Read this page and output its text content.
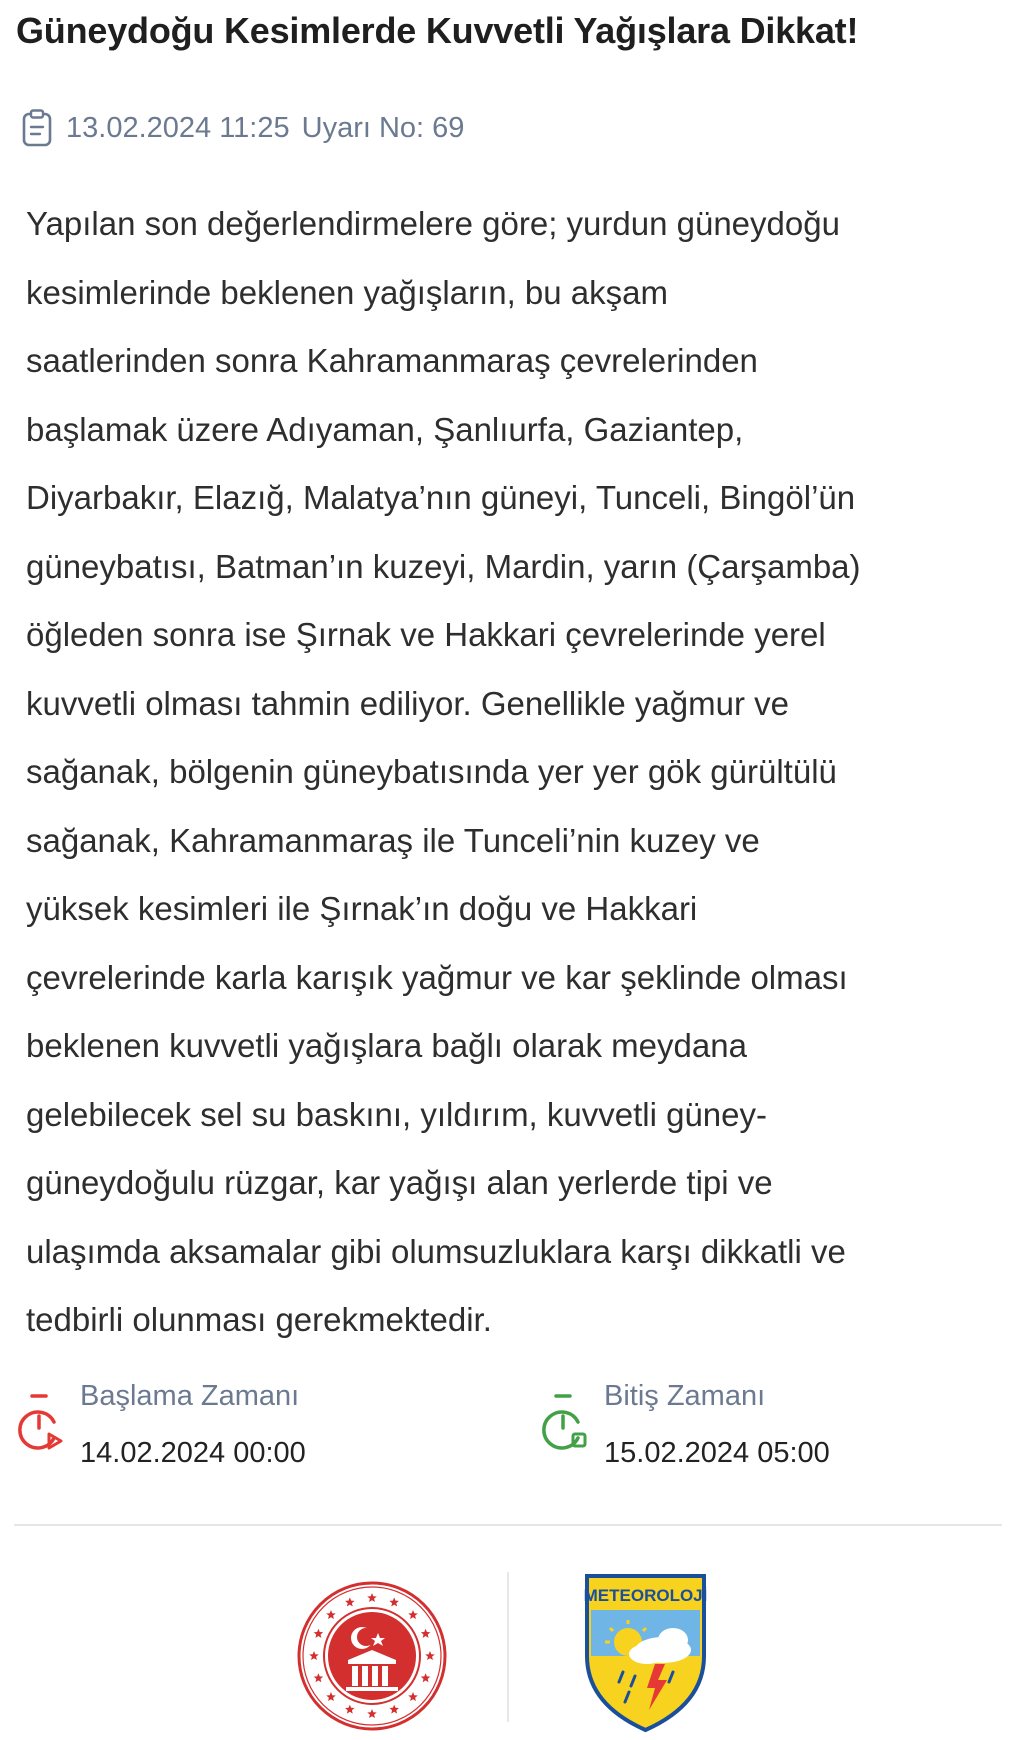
Güneydoğu Kesimlerde Kuvvetli Yağışlara Dikkat!
13.02.2024 11:25 Uyarı No: 69
Yapılan son değerlendirmelere göre; yurdun güneydoğu
kesimlerinde beklenen yağışların, bu akşam
saatlerinden sonra Kahramanmaraş çevrelerinden
başlamak üzere Adıyaman, Şanlıurfa, Gaziantep,
Diyarbakır, Elazığ, Malatya’nın güneyi, Tunceli, Bingöl’ün
güneybatısı, Batman’ın kuzeyi, Mardin, yarın (Çarşamba)
öğleden sonra ise Şırnak ve Hakkari çevrelerinde yerel
kuvvetli olması tahmin ediliyor. Genellikle yağmur ve
sağanak, bölgenin güneybatısında yer yer gök gürültülü
sağanak, Kahramanmaraş ile Tunceli’nin kuzey ve
yüksek kesimleri ile Şırnak’ın doğu ve Hakkari
çevrelerinde karla karışık yağmur ve kar şeklinde olması
beklenen kuvvetli yağışlara bağlı olarak meydana
gelebilecek sel su baskını, yıldırım, kuvvetli güney-
güneydoğulu rüzgar, kar yağışı alan yerlerde tipi ve
ulaşımda aksamalar gibi olumsuzluklara karşı dikkatli ve
tedbirli olunması gerekmektedir.
Başlama Zamanı
14.02.2024 00:00
Bitiş Zamanı
15.02.2024 05:00
METEOROLOJİ
